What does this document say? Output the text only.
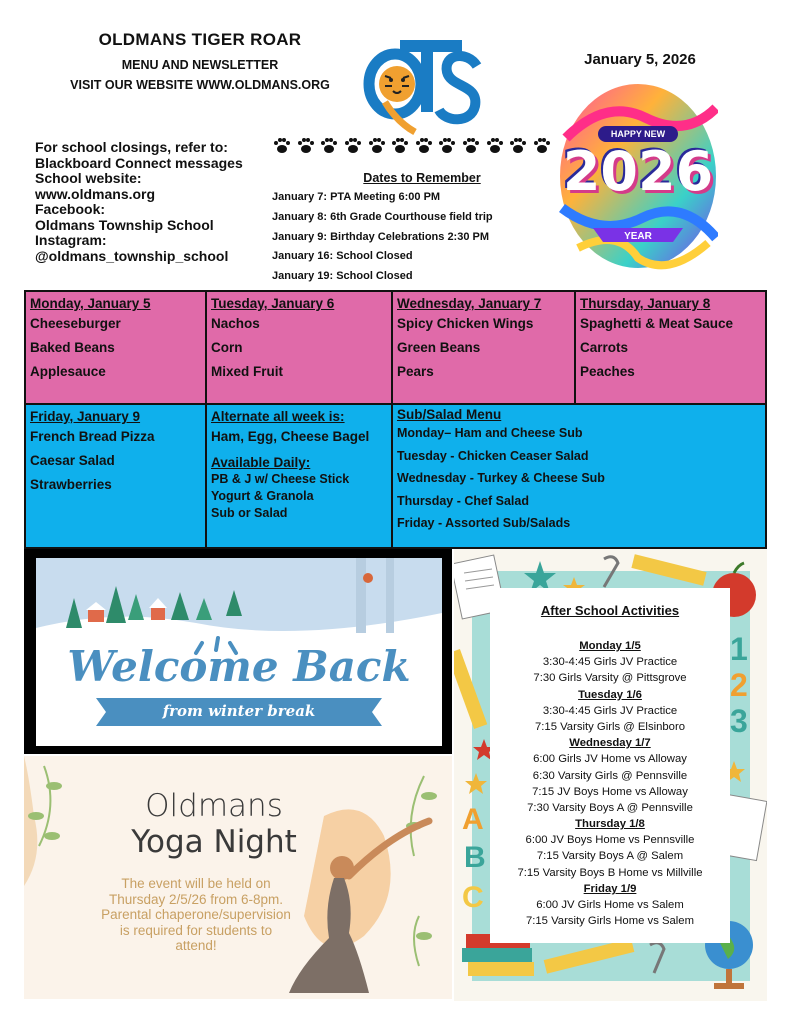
OLDMANS TIGER ROAR
MENU AND NEWSLETTER
VISIT OUR WEBSITE WWW.OLDMANS.ORG
January 5, 2026
HAPPY NEW
2026
YEAR
For school closings, refer to:
Blackboard Connect messages
School website:
www.oldmans.org
Facebook:
Oldmans Township School
Instagram:
@oldmans_township_school
Dates to Remember
January 7: PTA Meeting 6:00 PM
January 8: 6th Grade Courthouse field trip
January 9: Birthday Celebrations 2:30 PM
January 16: School Closed
January 19: School Closed
Monday, January 5
Cheeseburger
Baked Beans
Applesauce
Tuesday, January 6
Nachos
Corn
Mixed Fruit
Wednesday, January 7
Spicy Chicken Wings
Green Beans
Pears
Thursday, January 8
Spaghetti & Meat Sauce
Carrots
Peaches
Friday, January 9
French Bread Pizza
Caesar Salad
Strawberries
Alternate all week is:
Ham, Egg, Cheese Bagel
Available Daily:
PB & J w/ Cheese Stick
Yogurt & Granola
Sub or Salad
Sub/Salad Menu
Monday– Ham and Cheese Sub
Tuesday - Chicken Ceaser Salad
Wednesday - Turkey & Cheese Sub
Thursday - Chef Salad
Friday - Assorted Sub/Salads
Welcome Back
from winter break
Oldmans
Yoga Night
The event will be held on
Thursday 2/5/26 from 6-8pm.
Parental chaperone/supervision
is required for students to
attend!
A
B
C
1
2
3
After School Activities
Monday 1/5
3:30-4:45 Girls JV Practice
7:30 Girls Varsity @ Pittsgrove
Tuesday 1/6
3:30-4:45 Girls JV Practice
7:15 Varsity Girls @ Elsinboro
Wednesday 1/7
6:00 Girls JV Home vs Alloway
6:30 Varsity Girls @ Pennsville
7:15 JV Boys Home vs Alloway
7:30 Varsity Boys A @ Pennsville
Thursday 1/8
6:00 JV Boys Home vs Pennsville
7:15 Varsity Boys A @ Salem
7:15 Varsity Boys B Home vs Millville
Friday 1/9
6:00 JV Girls Home vs Salem
7:15 Varsity Girls Home vs Salem
